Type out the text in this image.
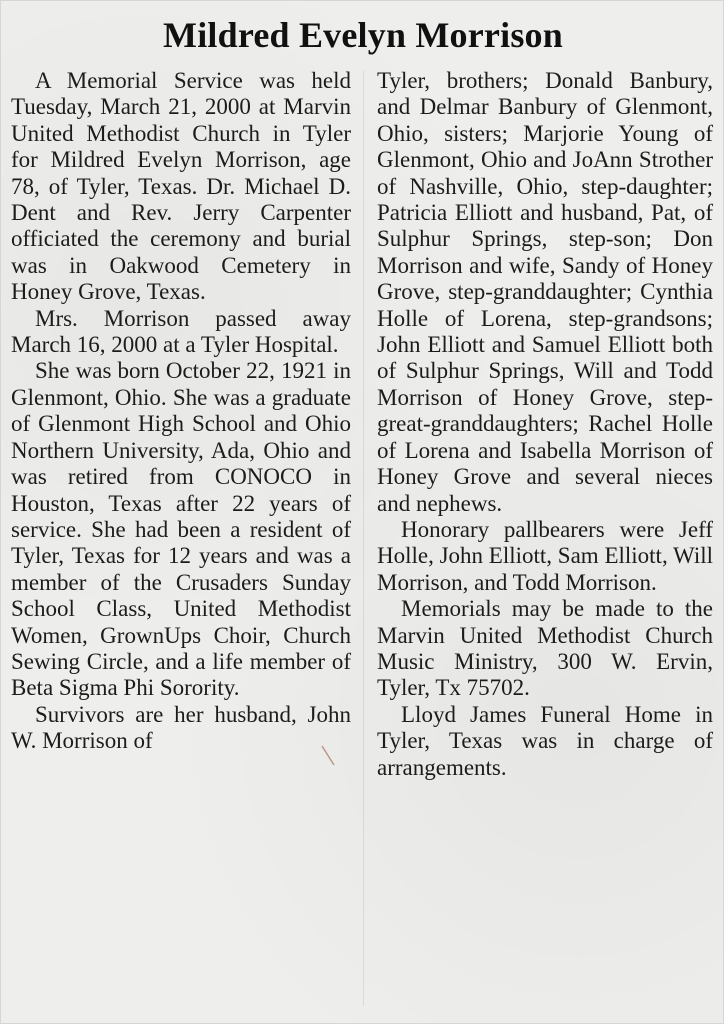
Mildred Evelyn Morrison

A Memorial Service was held Tuesday, March 21, 2000 at Marvin United Methodist Church in Tyler for Mildred Evelyn Morrison, age 78, of Tyler, Texas. Dr. Michael D. Dent and Rev. Jerry Carpenter officiated the ceremony and burial was in Oakwood Cemetery in Honey Grove, Texas.

Mrs. Morrison passed away March 16, 2000 at a Tyler Hospital.

She was born October 22, 1921 in Glenmont, Ohio. She was a graduate of Glenmont High School and Ohio Northern University, Ada, Ohio and was retired from CONOCO in Houston, Texas after 22 years of service. She had been a resident of Tyler, Texas for 12 years and was a member of the Crusaders Sunday School Class, United Methodist Women, GrownUps Choir, Church Sewing Circle, and a life member of Beta Sigma Phi Sorority.

Survivors are her husband, John W. Morrison of

Tyler, brothers; Donald Banbury, and Delmar Banbury of Glenmont, Ohio, sisters; Marjorie Young of Glenmont, Ohio and JoAnn Strother of Nashville, Ohio, step-daughter; Patricia Elliott and husband, Pat, of Sulphur Springs, step-son; Don Morrison and wife, Sandy of Honey Grove, step-granddaughter; Cynthia Holle of Lorena, step-grandsons; John Elliott and Samuel Elliott both of Sulphur Springs, Will and Todd Morrison of Honey Grove, step-great-granddaughters; Rachel Holle of Lorena and Isabella Morrison of Honey Grove and several nieces and nephews.

Honorary pallbearers were Jeff Holle, John Elliott, Sam Elliott, Will Morrison, and Todd Morrison.

Memorials may be made to the Marvin United Methodist Church Music Ministry, 300 W. Ervin, Tyler, Tx 75702.

Lloyd James Funeral Home in Tyler, Texas was in charge of arrangements.
